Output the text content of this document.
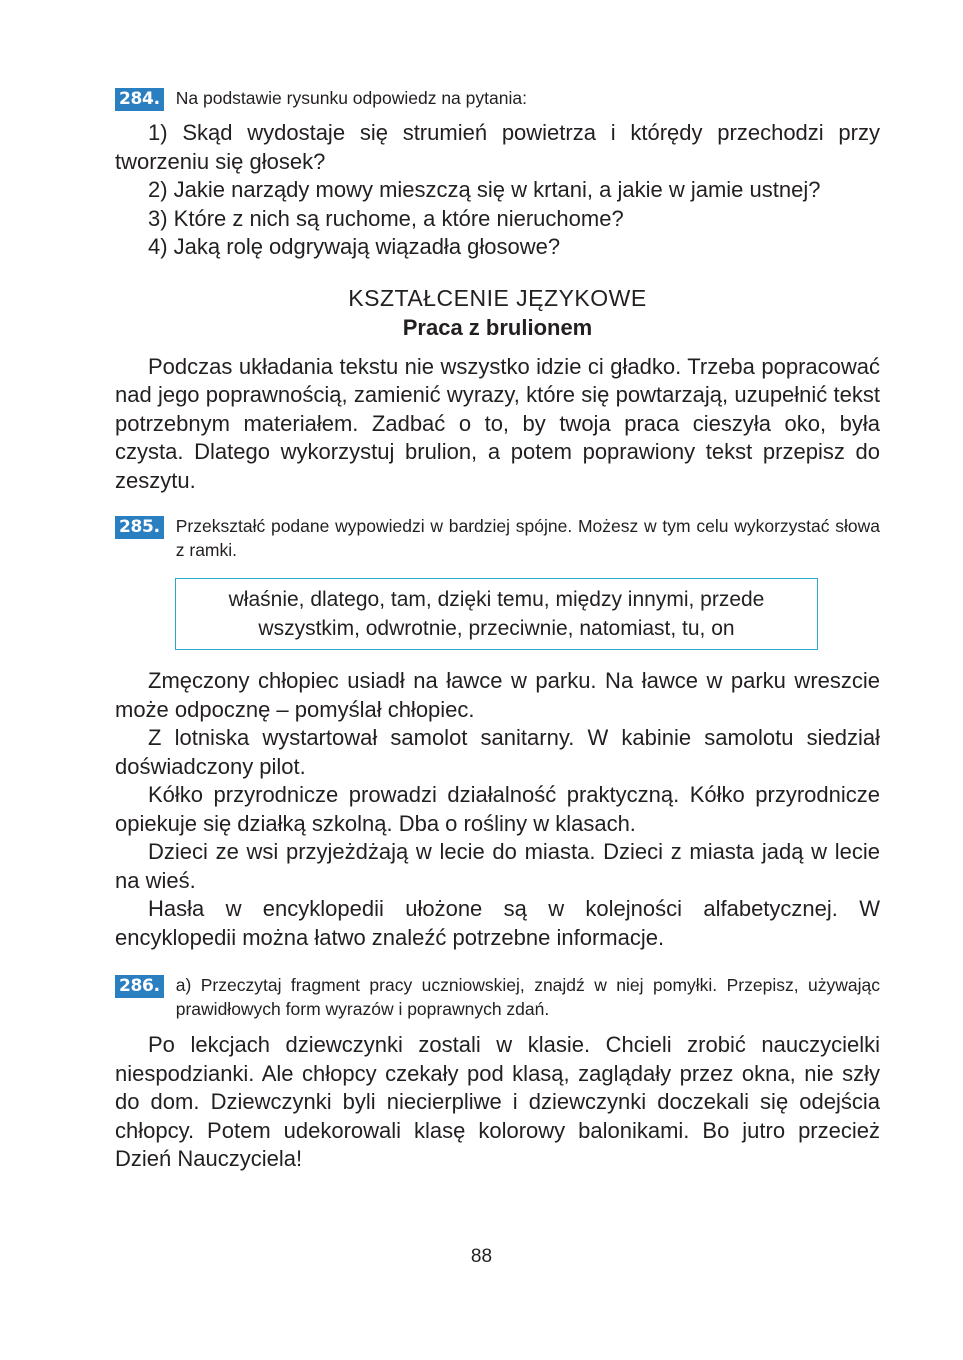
284. Na podstawie rysunku odpowiedz na pytania:

1) Skąd wydostaje się strumień powietrza i którędy przechodzi przy tworzeniu się głosek?

2) Jakie narządy mowy mieszczą się w krtani, a jakie w jamie ustnej?

3) Które z nich są ruchome, a które nieruchome?

4) Jaką rolę odgrywają wiązadła głosowe?

KSZTAŁCENIE JĘZYKOWE

Praca z brulionem

Podczas układania tekstu nie wszystko idzie ci gładko. Trzeba popracować nad jego poprawnością, zamienić wyrazy, które się powtarzają, uzupełnić tekst potrzebnym materiałem. Zadbać o to, by twoja praca cieszyła oko, była czysta. Dlatego wykorzystuj brulion, a potem poprawiony tekst przepisz do zeszytu.

285. Przekształć podane wypowiedzi w bardziej spójne. Możesz w tym celu wykorzystać słowa z ramki.
właśnie, dlatego, tam, dzięki temu, między innymi, przede
wszystkim, odwrotnie, przeciwnie, natomiast, tu, on

Zmęczony chłopiec usiadł na ławce w parku. Na ławce w parku wreszcie może odpocznę – pomyślał chłopiec.

Z lotniska wystartował samolot sanitarny. W kabinie samolotu siedział doświadczony pilot.

Kółko przyrodnicze prowadzi działalność praktyczną. Kółko przyrodnicze opiekuje się działką szkolną. Dba o rośliny w klasach.

Dzieci ze wsi przyjeżdżają w lecie do miasta. Dzieci z miasta jadą w lecie na wieś.

Hasła w encyklopedii ułożone są w kolejności alfabetycznej. W encyklopedii można łatwo znaleźć potrzebne informacje.

286. a) Przeczytaj fragment pracy uczniowskiej, znajdź w niej pomyłki. Przepisz, używając prawidłowych form wyrazów i poprawnych zdań.

Po lekcjach dziewczynki zostali w klasie. Chcieli zrobić nauczycielki niespodzianki. Ale chłopcy czekały pod klasą, zaglądały przez okna, nie szły do dom. Dziewczynki byli niecierpliwe i dziewczynki doczekali się odejścia chłopcy. Potem udekorowali klasę kolorowy balonikami. Bo jutro przecież Dzień Nauczyciela!

88
